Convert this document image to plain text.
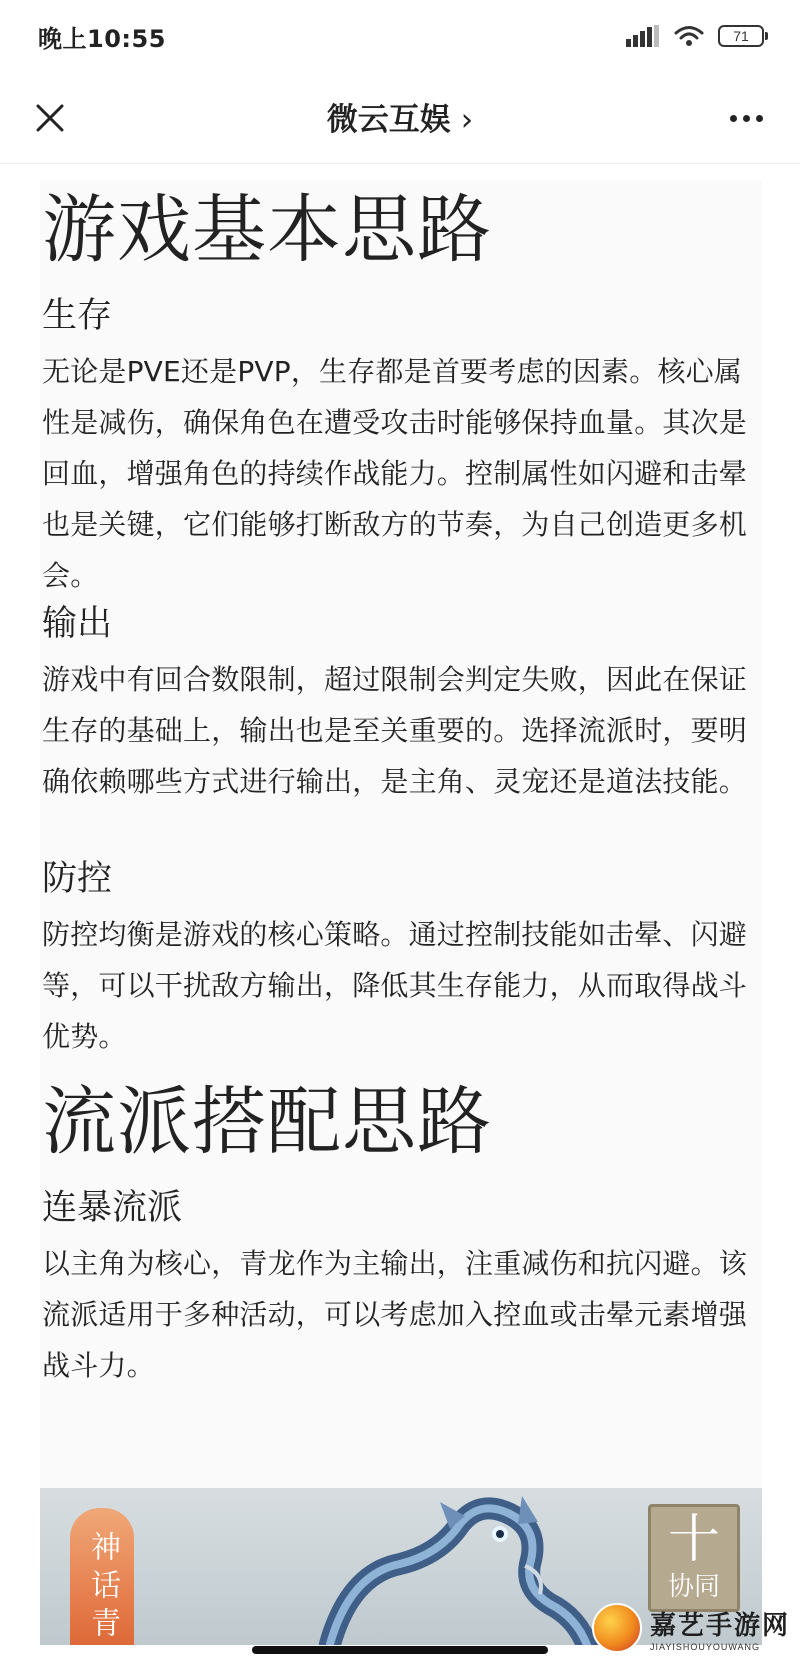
晚上10:55	71
微云互娱 ›
游戏基本思路
生存

无论是PVE还是PVP，生存都是首要考虑的因素。核心属性是减伤，确保角色在遭受攻击时能够保持血量。其次是回血，增强角色的持续作战能力。控制属性如闪避和击晕也是关键，它们能够打断敌方的节奏，为自己创造更多机会。

输出

游戏中有回合数限制，超过限制会判定失败，因此在保证生存的基础上，输出也是至关重要的。选择流派时，要明确依赖哪些方式进行输出，是主角、灵宠还是道法技能。

防控

防控均衡是游戏的核心策略。通过控制技能如击晕、闪避等，可以干扰敌方输出，降低其生存能力，从而取得战斗优势。

流派搭配思路
连暴流派

以主角为核心，青龙作为主输出，注重减伤和抗闪避。该流派适用于多种活动，可以考虑加入控血或击晕元素增强战斗力。

神话
青
十
协同
嘉艺手游网
JIAYISHOUYOUWANG
